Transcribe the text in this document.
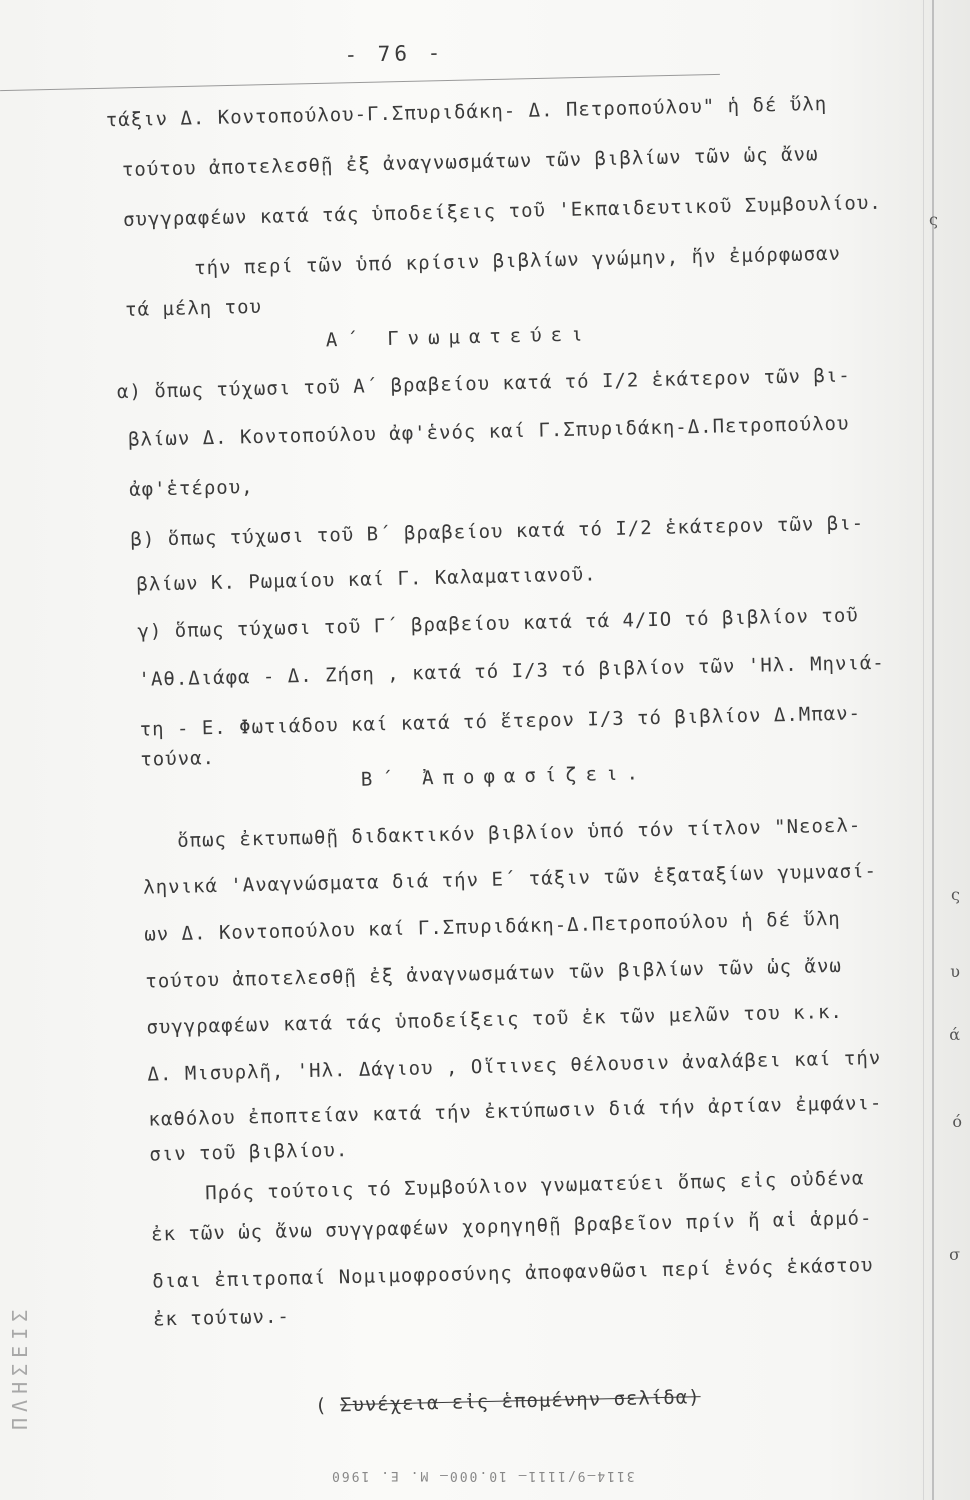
- 76 -
τάξιν Δ. Κοντοπούλου-Γ.Σπυριδάκη- Δ. Πετροπούλου" ἡ δέ ὕλη
τούτου ἀποτελεσθῇ ἐξ ἀναγνωσμάτων τῶν βιβλίων τῶν ὡς ἄνω
συγγραφέων κατά τάς ὑποδείξεις τοῦ 'Εκπαιδευτικοῦ Συμβουλίου.
τήν περί τῶν ὑπό κρίσιν βιβλίων γνώμην, ἥν ἐμόρφωσαν
τά μέλη του
Α΄ Γνωματεύει
α) ὅπως τύχωσι τοῦ Α΄ βραβείου κατά τό Ι/2 ἑκάτερον τῶν βι-
βλίων Δ. Κοντοπούλου ἀφ'ἑνός καί Γ.Σπυριδάκη-Δ.Πετροπούλου
ἀφ'ἑτέρου,
β) ὅπως τύχωσι τοῦ Β΄ βραβείου κατά τό Ι/2 ἑκάτερον τῶν βι-
βλίων Κ. Ρωμαίου καί Γ. Καλαματιανοῦ.
γ) ὅπως τύχωσι τοῦ Γ΄ βραβείου κατά τά 4/ΙΟ τό βιβλίον τοῦ
'Αθ.Διάφα - Δ. Ζήση , κατά τό Ι/3 τό βιβλίον τῶν 'Ηλ. Μηνιά-
τη - Ε. Φωτιάδου καί κατά τό ἕτερον Ι/3 τό βιβλίον Δ.Μπαν-
τούνα.
Β΄ Ἀποφασίζει.
ὅπως ἐκτυπωθῇ διδακτικόν βιβλίον ὑπό τόν τίτλον "Νεοελ-
ληνικά 'Αναγνώσματα διά τήν Ε΄ τάξιν τῶν ἑξαταξίων γυμνασί-
ων Δ. Κοντοπούλου καί Γ.Σπυριδάκη-Δ.Πετροπούλου ἡ δέ ὕλη
τούτου ἀποτελεσθῇ ἐξ ἀναγνωσμάτων τῶν βιβλίων τῶν ὡς ἄνω
συγγραφέων κατά τάς ὑποδείξεις τοῦ ἐκ τῶν μελῶν του κ.κ.
Δ. Μισυρλῆ, 'Ηλ. Δάγιου , Οἵτινες θέλουσιν ἀναλάβει καί τήν
καθόλου ἐποπτείαν κατά τήν ἐκτύπωσιν διά τήν ἀρτίαν ἐμφάνι-
σιν τοῦ βιβλίου.
Πρός τούτοις τό Συμβούλιον γνωματεύει ὅπως εἰς οὐδένα
ἐκ τῶν ὡς ἄνω συγγραφέων χορηγηθῇ βραβεῖον πρίν ἤ αἱ ἁρμό-
διαι ἐπιτροπαί Νομιμοφροσύνης ἀποφανθῶσι περί ἑνός ἑκάστου
ἐκ τούτων.-
( Συνέχεια εἰς ἑπομένην σελίδα)
ς
ς
υ
ά
ό
σ
ΠΛΗΣΕΙΣ
3114—9/1111— 10.000— Μ. Ε. 1960
